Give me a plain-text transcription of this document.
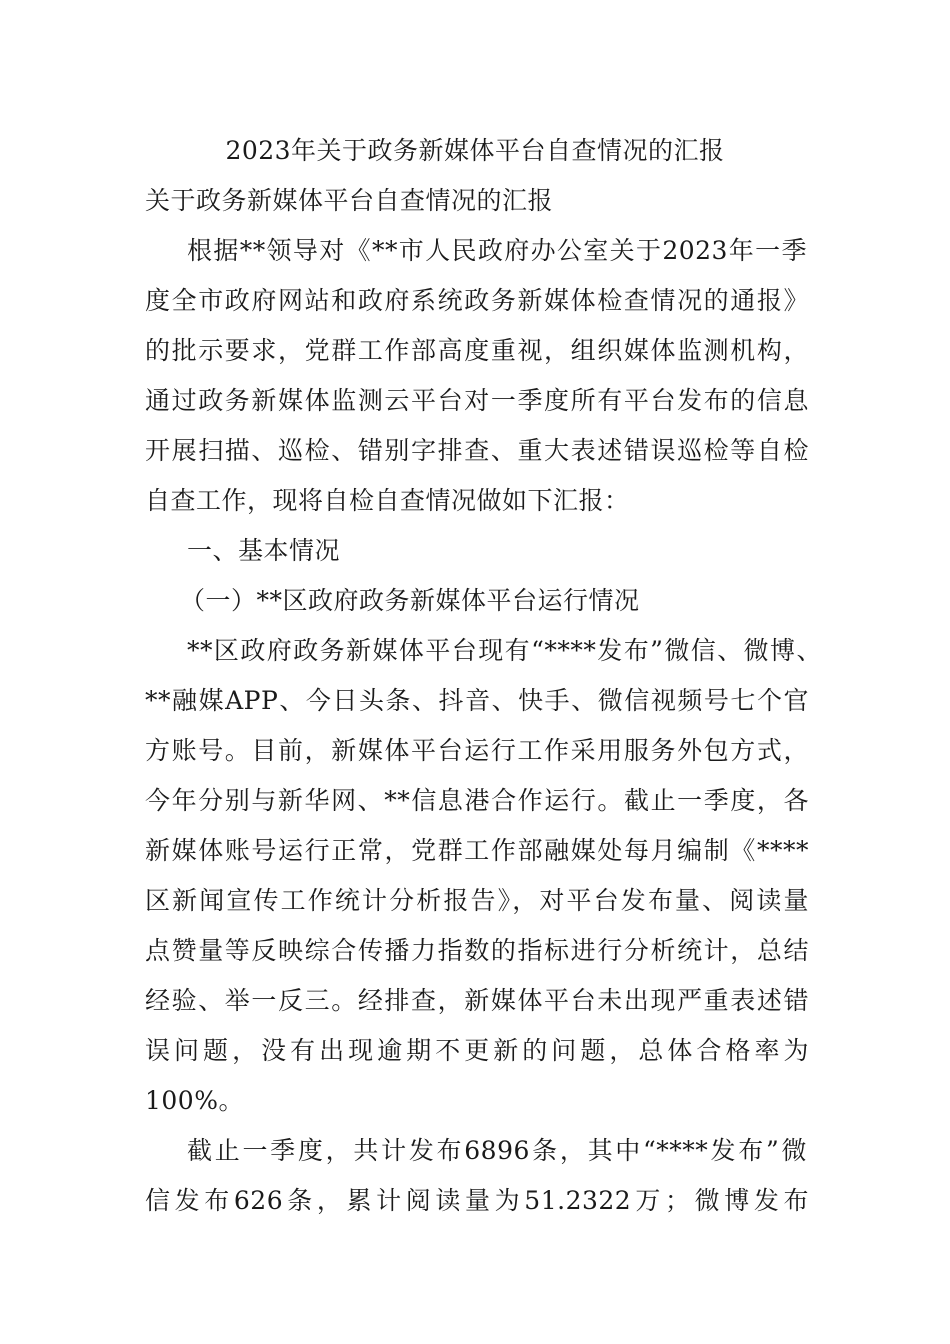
2023年关于政务新媒体平台自查情况的汇报
关于政务新媒体平台自查情况的汇报
根据**领导对《**市人民政府办公室关于2023年一季
度全市政府网站和政府系统政务新媒体检查情况的通报》
的批示要求，党群工作部高度重视，组织媒体监测机构，
通过政务新媒体监测云平台对一季度所有平台发布的信息
开展扫描、巡检、错别字排查、重大表述错误巡检等自检
自查工作，现将自检自查情况做如下汇报：
一、基本情况
（一）**区政府政务新媒体平台运行情况
**区政府政务新媒体平台现有“****发布”微信、微博、
**融媒APP、今日头条、抖音、快手、微信视频号七个官
方账号。目前，新媒体平台运行工作采用服务外包方式，
今年分别与新华网、**信息港合作运行。截止一季度，各
新媒体账号运行正常，党群工作部融媒处每月编制《****
区新闻宣传工作统计分析报告》，对平台发布量、阅读量
点赞量等反映综合传播力指数的指标进行分析统计，总结
经验、举一反三。经排查，新媒体平台未出现严重表述错
误问题，没有出现逾期不更新的问题，总体合格率为
100%。
截止一季度，共计发布6896条，其中“****发布”微
信发布626条，累计阅读量为51.2322万；微博发布
